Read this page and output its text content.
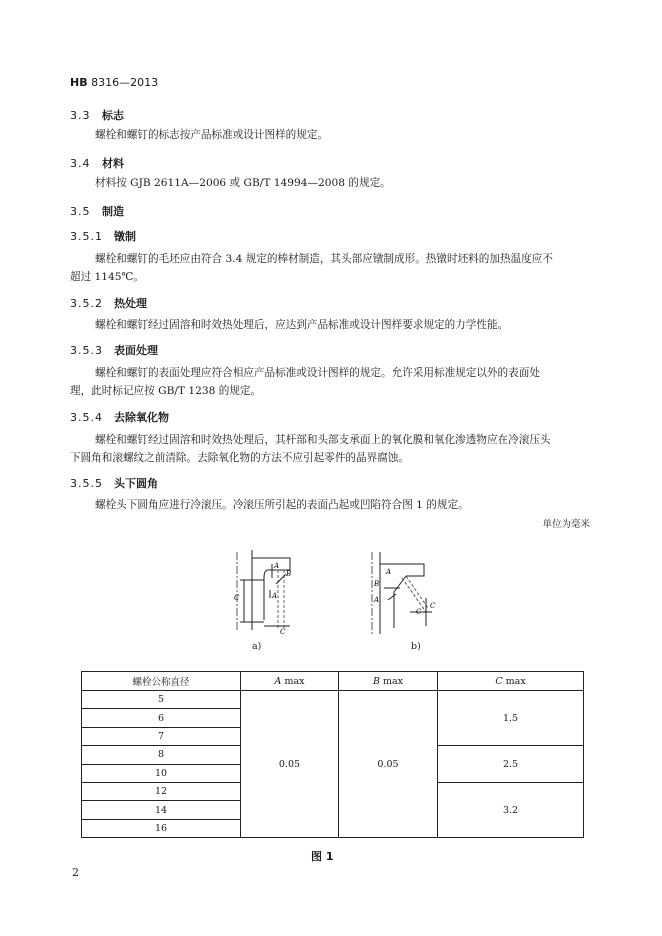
HB 8316—2013
3.3 标志
螺栓和螺钉的标志按产品标准或设计图样的规定。
3.4 材料
材料按 GJB 2611A—2006 或 GB/T 14994—2008 的规定。
3.5 制造
3.5.1 镦制
螺栓和螺钉的毛坯应由符合 3.4 规定的棒材制造，其头部应镦制成形。热镦时坯料的加热温度应不
超过 1145℃。
3.5.2 热处理
螺栓和螺钉经过固溶和时效热处理后，应达到产品标准或设计图样要求规定的力学性能。
3.5.3 表面处理
螺栓和螺钉的表面处理应符合相应产品标准或设计图样的规定。允许采用标准规定以外的表面处
理，此时标记应按 GB/T 1238 的规定。
3.5.4 去除氧化物
螺栓和螺钉经过固溶和时效热处理后，其杆部和头部支承面上的氧化膜和氧化渗透物应在冷滚压头
下圆角和滚螺纹之前清除。去除氧化物的方法不应引起零件的晶界腐蚀。
3.5.5 头下圆角
螺栓头下圆角应进行冷滚压。冷滚压所引起的表面凸起或凹陷符合图 1 的规定。
单位为毫米
A
B
A
C
C
A
B
A
C
C
a)	b)
螺栓公称直径	A max	B max	C max
5	0.05	0.05	1.5
6			
7			
8			2.5
10			
12			3.2
14			
16			
图 1
2
